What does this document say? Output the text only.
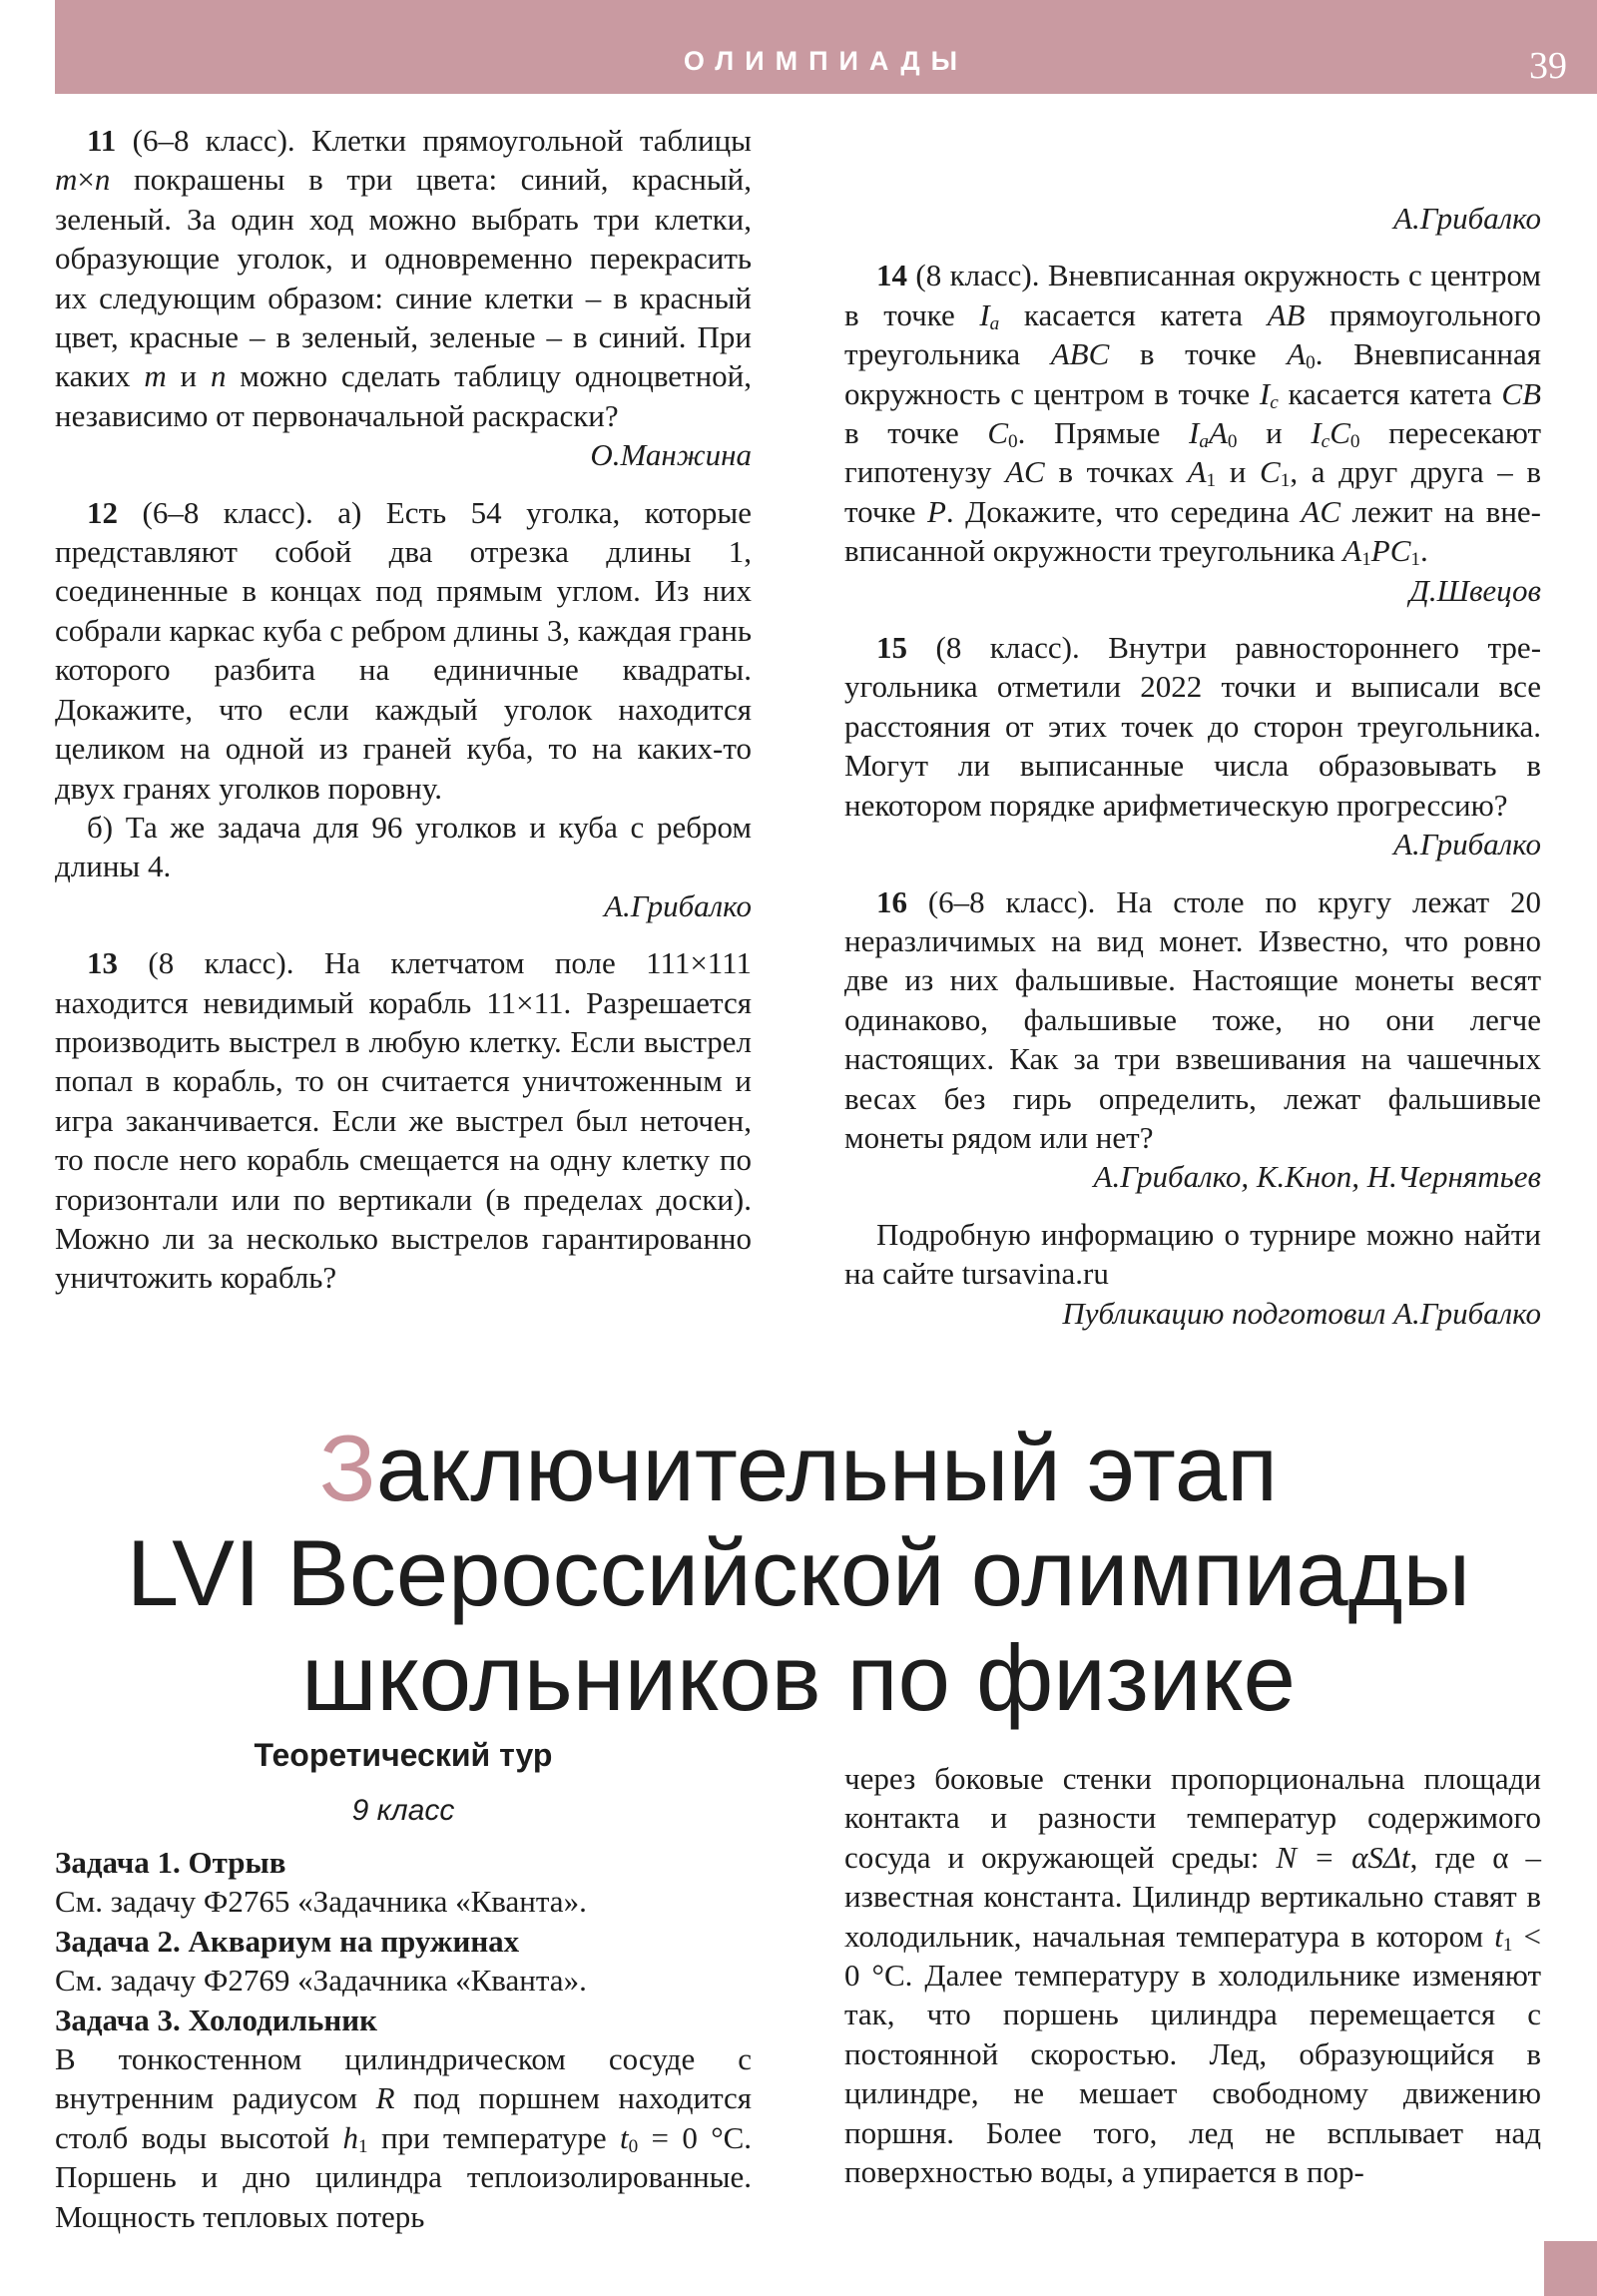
ОЛИМПИАДЫ	39

11 (6–8 класс). Клетки прямоугольной таблицы m×n покрашены в три цвета: синий, красный, зеленый. За один ход можно выбрать три клетки, образующие уголок, и одновременно перекрасить их следующим образом: синие клетки – в красный цвет, красные – в зеленый, зеленые – в синий. При каких m и n можно сделать таблицу одноцветной, независимо от первоначальной раскраски?

О.Манжина

12 (6–8 класс). а) Есть 54 уголка, которые представляют собой два отрезка длины 1, соединенные в концах под прямым углом. Из них собрали каркас куба с ребром длины 3, каждая грань которого разбита на единичные квадраты. Докажите, что если каждый уголок находится целиком на одной из граней куба, то на каких-то двух гранях уголков поровну.

б) Та же задача для 96 уголков и куба с ребром длины 4.

А.Грибалко

13 (8 класс). На клетчатом поле 111×111 находится невидимый корабль 11×11. Разрешается производить выстрел в любую клетку. Если выстрел попал в корабль, то он считается уничтоженным и игра заканчивается. Если же выстрел был неточен, то после него корабль смещается на одну клетку по горизонтали или по вертикали (в пределах доски). Можно ли за несколько выстрелов гарантированно уничтожить корабль?

А.Грибалко

14 (8 класс). Вневписанная окружность с центром в точке $I_a$ касается катета AB прямоугольного треугольника ABC в точке $A_0$. Вневписанная окружность с центром в точке $I_c$ касается катета CB в точке $C_0$. Прямые $I_aA_0$ и $I_cC_0$ пересекают гипотенузу AC в точках $A_1$ и $C_1$, а друг друга – в точке P. Докажите, что середина AC лежит на вневписанной окружности треугольника $A_1PC_1$.

Д.Швецов

15 (8 класс). Внутри равностороннего треугольника отметили 2022 точки и выписали все расстояния от этих точек до сторон треугольника. Могут ли выписанные числа образовывать в некотором порядке арифметическую прогрессию?

А.Грибалко

16 (6–8 класс). На столе по кругу лежат 20 неразличимых на вид монет. Известно, что ровно две из них фальшивые. Настоящие монеты весят одинаково, фальшивые тоже, но они легче настоящих. Как за три взвешивания на чашечных весах без гирь определить, лежат фальшивые монеты рядом или нет?

А.Грибалко, К.Кноп, Н.Чернятьев

Подробную информацию о турнире можно найти на сайте tursavina.ru

Публикацию подготовил А.Грибалко

Заключительный этап
LVI Всероссийской олимпиады
школьников по физике
Теоретический тур
9 класс

Задача 1. Отрыв

См. задачу Ф2765 «Задачника «Кванта».

Задача 2. Аквариум на пружинах

См. задачу Ф2769 «Задачника «Кванта».

Задача 3. Холодильник

В тонкостенном цилиндрическом сосуде с внутренним радиусом R под поршнем находится столб воды высотой $h_1$ при температуре $t_0 = 0$ °C. Поршень и дно цилиндра теплоизолированные. Мощность тепловых потерь

через боковые стенки пропорциональна площади контакта и разности температур содержимого сосуда и окружающей среды: N = αSΔt, где α – известная константа. Цилиндр вертикально ставят в холодильник, начальная температура в котором $t_1 < 0$ °C. Далее температуру в холодильнике изменяют так, что поршень цилиндра перемещается с постоянной скоростью. Лед, образующийся в цилиндре, не мешает свободному движению поршня. Более того, лед не всплывает над поверхностью воды, а упирается в пор-
